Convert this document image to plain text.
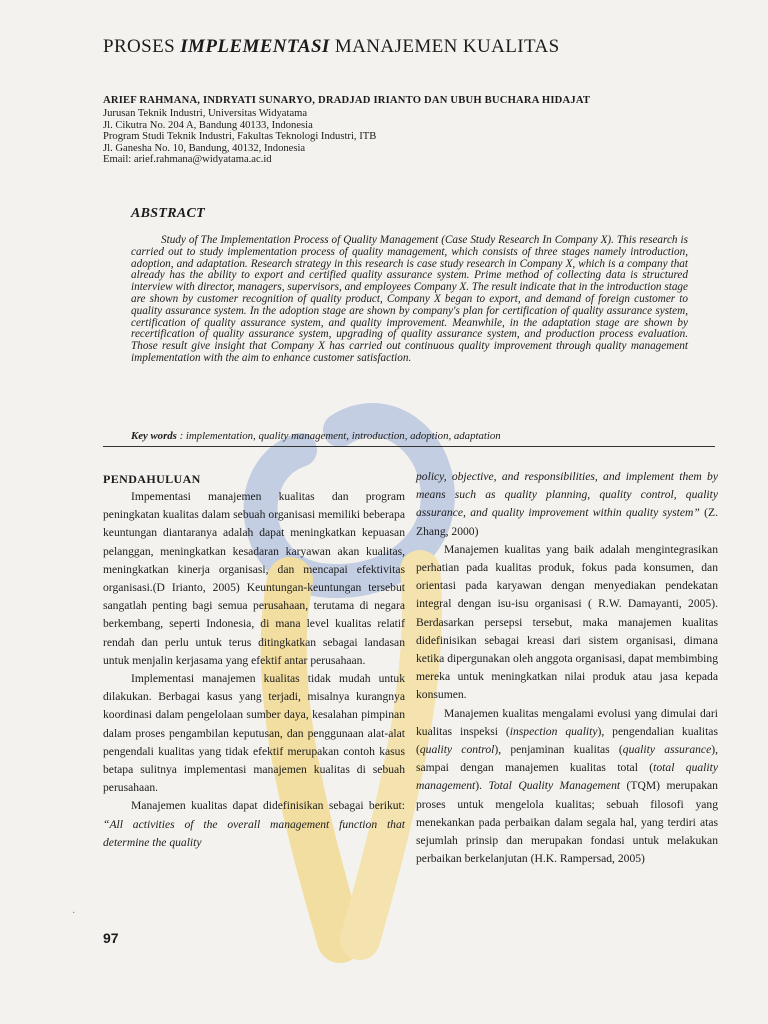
PROSES IMPLEMENTASI MANAJEMEN KUALITAS
ARIEF RAHMANA, INDRYATI SUNARYO, DRADJAD IRIANTO DAN UBUH BUCHARA HIDAJAT
Jurusan Teknik Industri, Universitas Widyatama
Jl. Cikutra No. 204 A, Bandung 40133, Indonesia
Program Studi Teknik Industri, Fakultas Teknologi Industri, ITB
Jl. Ganesha No. 10, Bandung, 40132, Indonesia
Email: arief.rahmana@widyatama.ac.id
ABSTRACT

Study of The Implementation Process of Quality Management (Case Study Research In Company X). This research is carried out to study implementation process of quality management, which consists of three stages namely introduction, adoption, and adaptation. Research strategy in this research is case study research in Company X, which is a company that already has the ability to export and certified quality assurance system. Prime method of collecting data is structured interview with director, managers, supervisors, and employees Company X. The result indicate that in the introduction stage are shown by customer recognition of quality product, Company X began to export, and demand of foreign customer to quality assurance system. In the adoption stage are shown by company's plan for certification of quality assurance system, certification of quality assurance system, and quality improvement. Meanwhile, in the adaptation stage are shown by recertification of quality assurance system, upgrading of quality assurance system, and production process evaluation. Those result give insight that Company X has carried out continuous quality improvement through quality management implementation with the aim to enhance customer satisfaction.

Key words : implementation, quality management, introduction, adoption, adaptation
PENDAHULUAN

Impementasi manajemen kualitas dan program peningkatan kualitas dalam sebuah organisasi memiliki beberapa keuntungan diantaranya adalah dapat meningkatkan kepuasan pelanggan, meningkatkan kesadaran karyawan akan kualitas, meningkatkan kinerja organisasi, dan mencapai efektivitas organisasi.(D Irianto, 2005) Keuntungan-keuntungan tersebut sangatlah penting bagi semua perusahaan, terutama di negara berkembang, seperti Indonesia, di mana level kualitas relatif rendah dan perlu untuk terus ditingkatkan sebagai landasan untuk menjalin kerjasama yang efektif antar perusahaan.

Implementasi manajemen kualitas tidak mudah untuk dilakukan. Berbagai kasus yang terjadi, misalnya kurangnya koordinasi dalam pengelolaan sumber daya, kesalahan pimpinan dalam proses pengambilan keputusan, dan penggunaan alat-alat pengendali kualitas yang tidak efektif merupakan contoh kasus betapa sulitnya implementasi manajemen kualitas di sebuah perusahaan.

Manajemen kualitas dapat didefinisikan sebagai berikut: “All activities of the overall management function that determine the quality

policy, objective, and responsibilities, and implement them by means such as quality planning, quality control, quality assurance, and quality improvement within quality system” (Z. Zhang, 2000)

Manajemen kualitas yang baik adalah mengintegrasikan perhatian pada kualitas produk, fokus pada konsumen, dan orientasi pada karyawan dengan menyediakan pendekatan integral dengan isu-isu organisasi ( R.W. Damayanti, 2005). Berdasarkan persepsi tersebut, maka manajemen kualitas didefinisikan sebagai kreasi dari sistem organisasi, dimana ketika dipergunakan oleh anggota organisasi, dapat membimbing mereka untuk meningkatkan nilai produk atau jasa kepada konsumen.

Manajemen kualitas mengalami evolusi yang dimulai dari kualitas inspeksi (inspection quality), pengendalian kualitas (quality control), penjaminan kualitas (quality assurance), sampai dengan manajemen kualitas total (total quality management). Total Quality Management (TQM) merupakan proses untuk mengelola kualitas; sebuah filosofi yang menekankan pada perbaikan dalam segala hal, yang terdiri atas sejumlah prinsip dan merupakan fondasi untuk melakukan perbaikan berkelanjutan (H.K. Rampersad, 2005)

·
97
